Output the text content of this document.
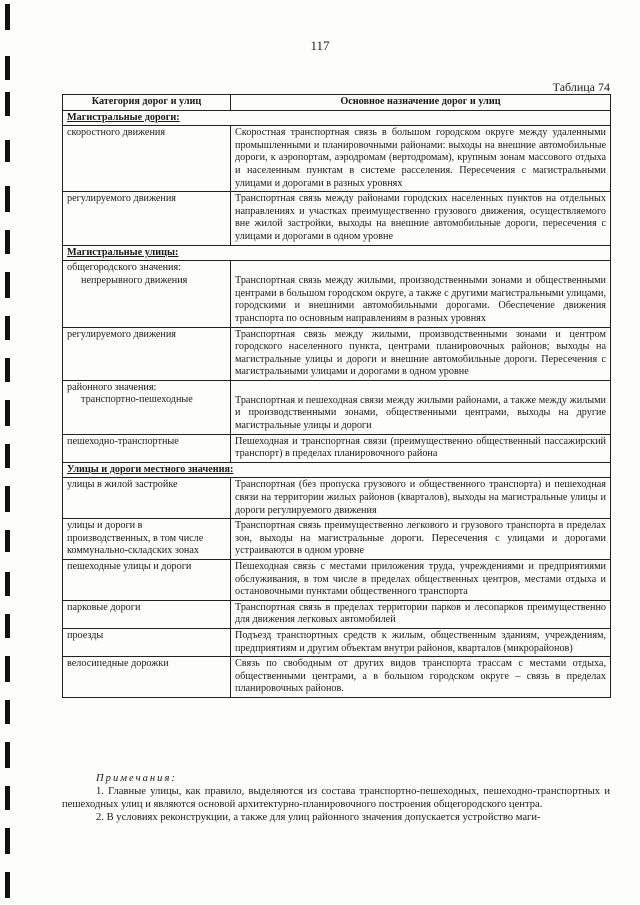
117
Таблица 74
Категория дорог и улиц	Основное назначение дорог и улиц
Магистральные дороги:	
скоростного движения	Скоростная транспортная связь в большом городском округе между удаленными промышленными и планировочными районами: выходы на внешние автомобильные дороги, к аэропортам, аэродромам (вертодромам), крупным зонам массового отдыха и населенным пунктам в системе расселения. Пересечения с магистральными улицами и дорогами в разных уровнях
регулируемого движения	Транспортная связь между районами городских населенных пунктов на отдельных направлениях и участках преимущественно грузового движения, осуществляемого вне жилой застройки, выходы на внешние автомобильные дороги, пересечения с улицами и дорогами в одном уровне
Магистральные улицы:	

общегородского значения:
непрерывного движения	Транспортная связь между жилыми, производственными зонами и общественными центрами в большом городском округе, а также с другими магистральными улицами, городскими и внешними автомобильными дорогами. Обеспечение движения транспорта по основным направлениям в разных уровнях
регулируемого движения	Транспортная связь между жилыми, производственными зонами и центром городского населенного пункта, центрами планировочных районов; выходы на магистральные улицы и дороги и внешние автомобильные дороги. Пересечения с магистральными улицами и дорогами в одном уровне

районного значения:
транспортно-пешеходные	Транспортная и пешеходная связи между жилыми районами, а также между жилыми и производственными зонами, общественными центрами, выходы на другие магистральные улицы и дороги
пешеходно-транспортные	Пешеходная и транспортная связи (преимущественно общественный пассажирский транспорт) в пределах планировочного района
Улицы и дороги местного значения:	
улицы в жилой застройке	Транспортная (без пропуска грузового и общественного транспорта) и пешеходная связи на территории жилых районов (кварталов), выходы на магистральные улицы и дороги регулируемого движения
улицы и дороги в производственных, в том числе коммунально-складских зонах	Транспортная связь преимущественно легкового и грузового транспорта в пределах зон, выходы на магистральные дороги. Пересечения с улицами и дорогами устраиваются в одном уровне
пешеходные улицы и дороги	Пешеходная связь с местами приложения труда, учреждениями и предприятиями обслуживания, в том числе в пределах общественных центров, местами отдыха и остановочными пунктами общественного транспорта
парковые дороги	Транспортная связь в пределах территории парков и лесопарков преимущественно для движения легковых автомобилей
проезды	Подъезд транспортных средств к жилым, общественным зданиям, учреждениям, предприятиям и другим объектам внутри районов, кварталов (микрорайонов)
велосипедные дорожки	Связь по свободным от других видов транспорта трассам с местами отдыха, общественными центрами, а в большом городском округе – связь в пределах планировочных районов.
Примечания:

1. Главные улицы, как правило, выделяются из состава транспортно-пешеходных, пешеходно-транспортных и пешеходных улиц и являются основой архитектурно-планировочного построения общегородского центра.

2. В условиях реконструкции, а также для улиц районного значения допускается устройство маги-
